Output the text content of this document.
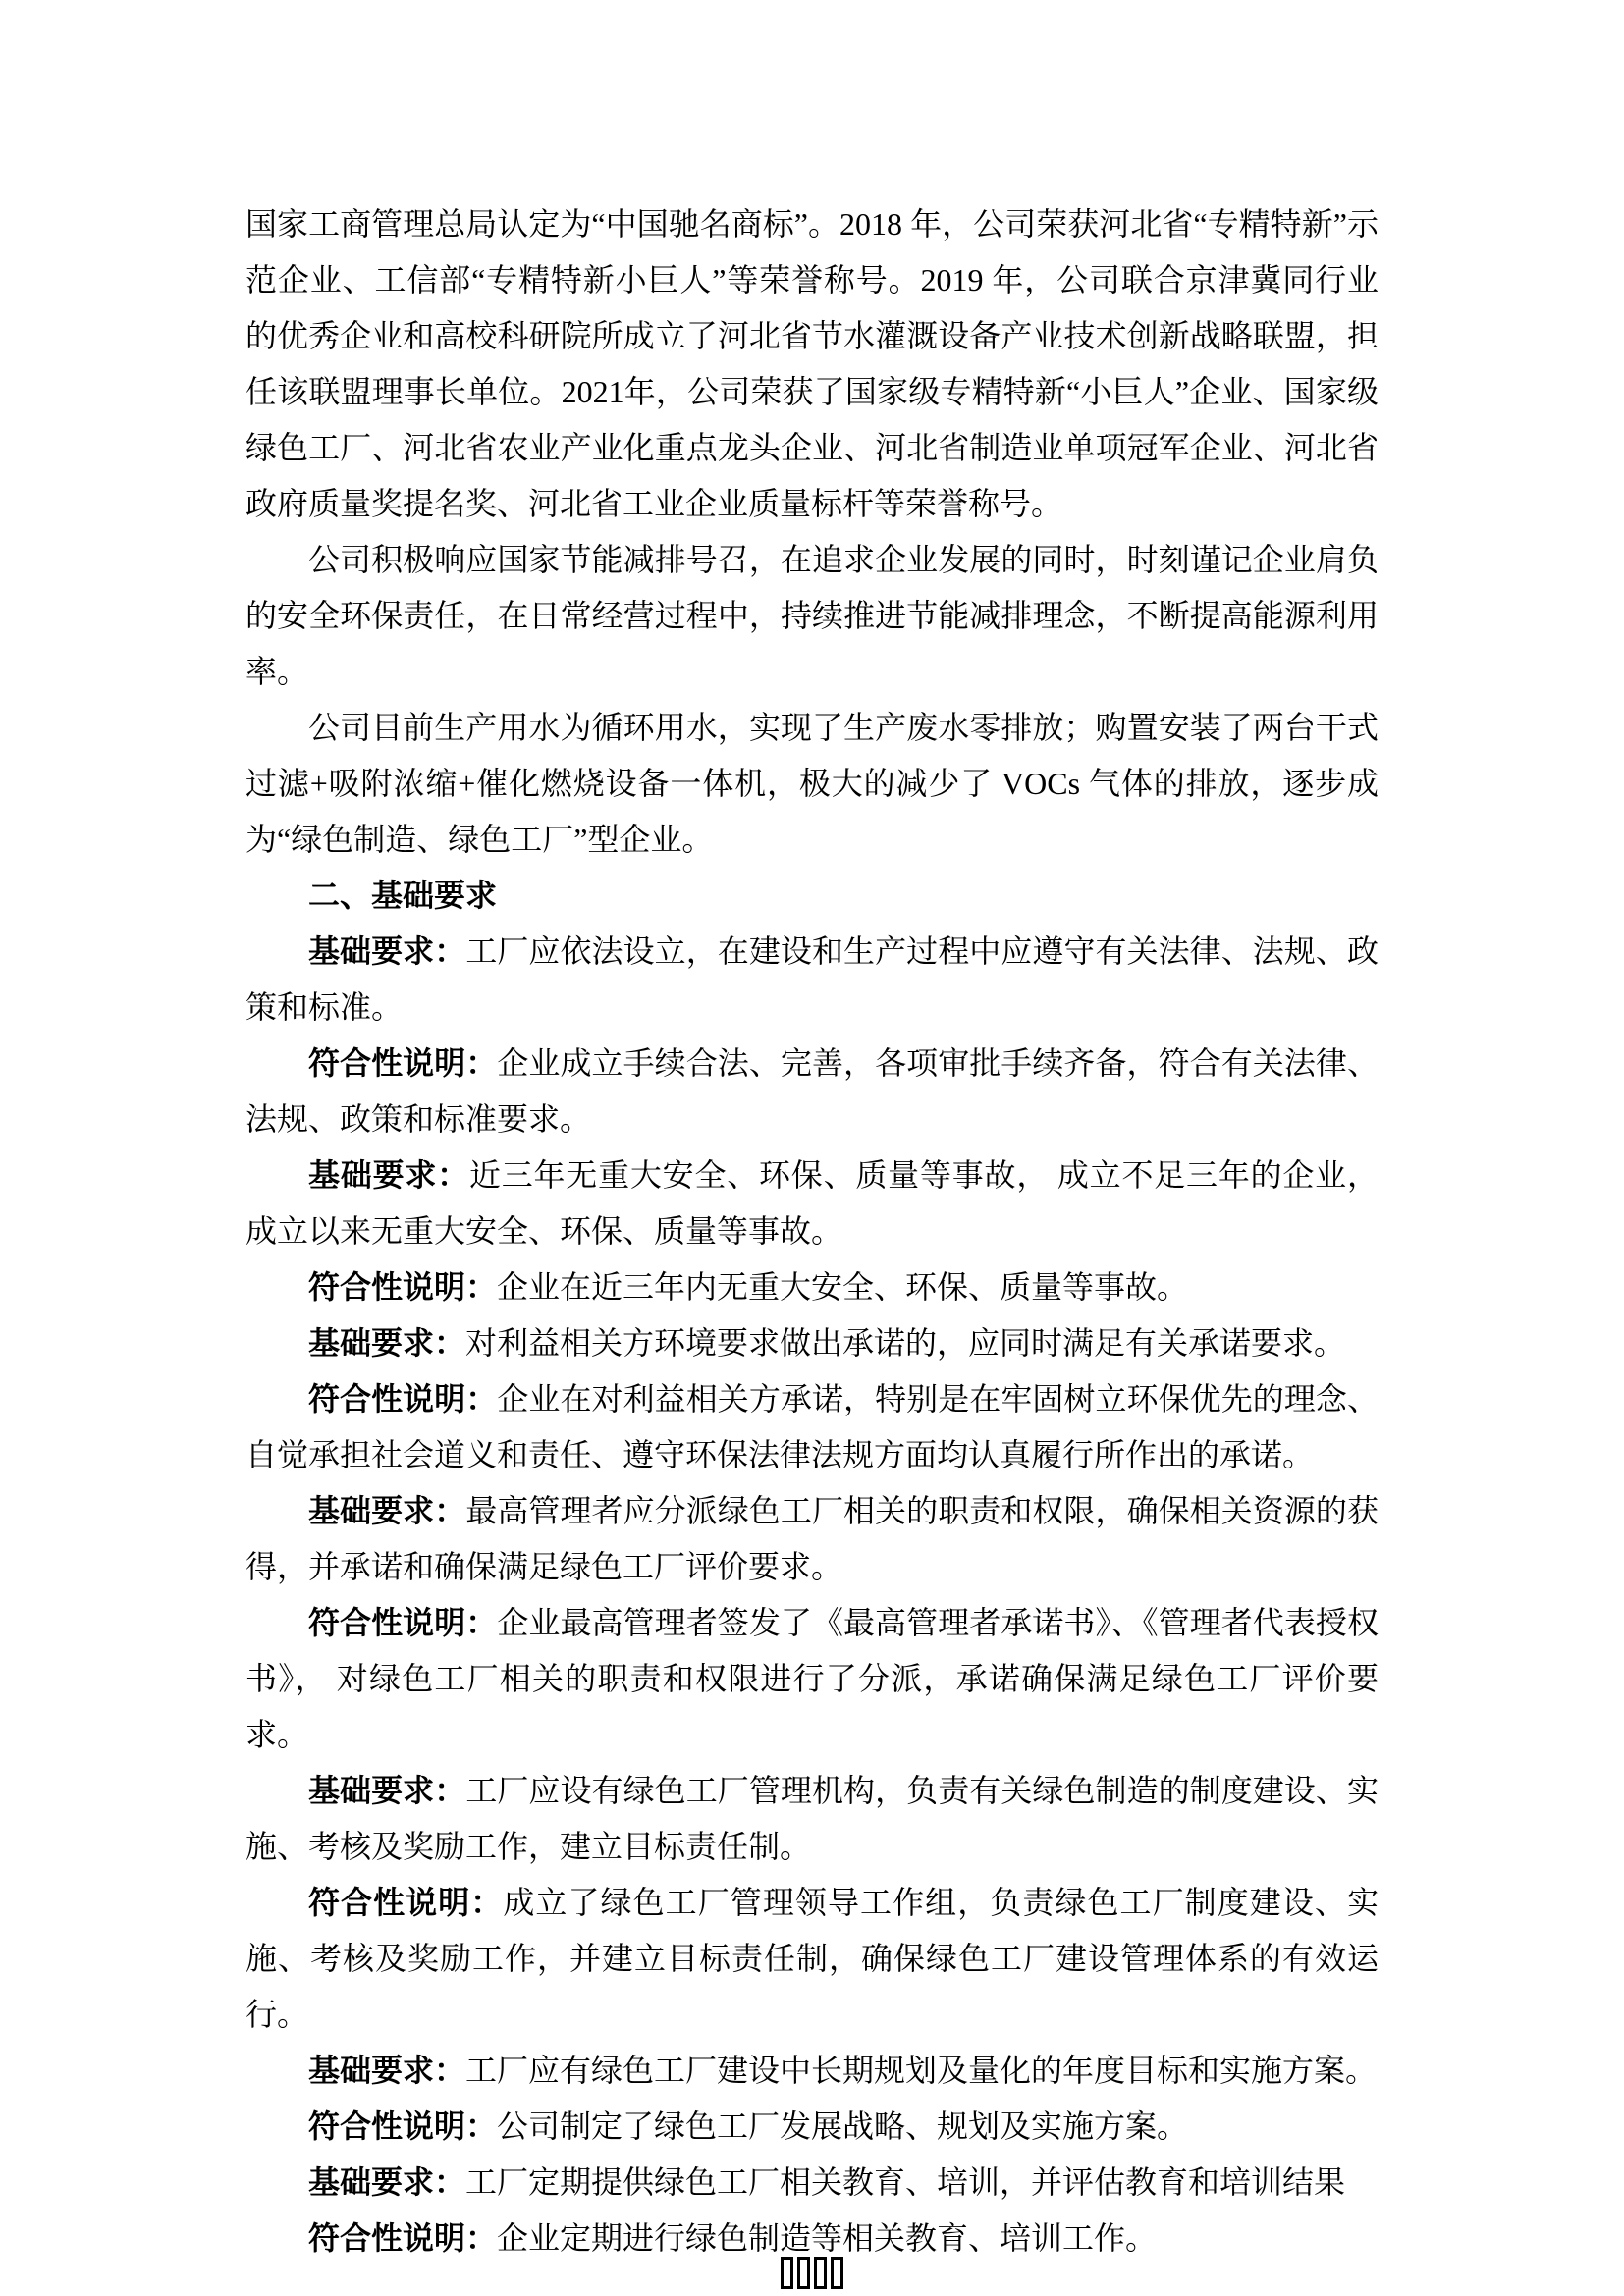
国家工商管理总局认定为“中国驰名商标”。2018 年，公司荣获河北省“专精特新”示范企业、工信部“专精特新小巨人”等荣誉称号。2019 年，公司联合京津冀同行业的优秀企业和高校科研院所成立了河北省节水灌溉设备产业技术创新战略联盟，担任该联盟理事长单位。2021年，公司荣获了国家级专精特新“小巨人”企业、国家级绿色工厂、河北省农业产业化重点龙头企业、河北省制造业单项冠军企业、河北省政府质量奖提名奖、河北省工业企业质量标杆等荣誉称号。

公司积极响应国家节能减排号召，在追求企业发展的同时，时刻谨记企业肩负的安全环保责任，在日常经营过程中，持续推进节能减排理念，不断提高能源利用率。

公司目前生产用水为循环用水，实现了生产废水零排放；购置安装了两台干式过滤+吸附浓缩+催化燃烧设备一体机，极大的减少了 VOCs 气体的排放，逐步成为“绿色制造、绿色工厂”型企业。

二、基础要求

基础要求：工厂应依法设立，在建设和生产过程中应遵守有关法律、法规、政策和标准。

符合性说明：企业成立手续合法、完善，各项审批手续齐备，符合有关法律、法规、政策和标准要求。

基础要求：近三年无重大安全、环保、质量等事故， 成立不足三年的企业，成立以来无重大安全、环保、质量等事故。

符合性说明：企业在近三年内无重大安全、环保、质量等事故。

基础要求：对利益相关方环境要求做出承诺的，应同时满足有关承诺要求。

符合性说明：企业在对利益相关方承诺，特别是在牢固树立环保优先的理念、自觉承担社会道义和责任、遵守环保法律法规方面均认真履行所作出的承诺。

基础要求：最高管理者应分派绿色工厂相关的职责和权限，确保相关资源的获得，并承诺和确保满足绿色工厂评价要求。

符合性说明：企业最高管理者签发了《最高管理者承诺书》、《管理者代表授权书》， 对绿色工厂相关的职责和权限进行了分派，承诺确保满足绿色工厂评价要求。

基础要求：工厂应设有绿色工厂管理机构，负责有关绿色制造的制度建设、实施、考核及奖励工作，建立目标责任制。

符合性说明：成立了绿色工厂管理领导工作组，负责绿色工厂制度建设、实施、考核及奖励工作，并建立目标责任制，确保绿色工厂建设管理体系的有效运行。

基础要求：工厂应有绿色工厂建设中长期规划及量化的年度目标和实施方案。

符合性说明：公司制定了绿色工厂发展战略、规划及实施方案。

基础要求：工厂定期提供绿色工厂相关教育、培训，并评估教育和培训结果

符合性说明：企业定期进行绿色制造等相关教育、培训工作。
